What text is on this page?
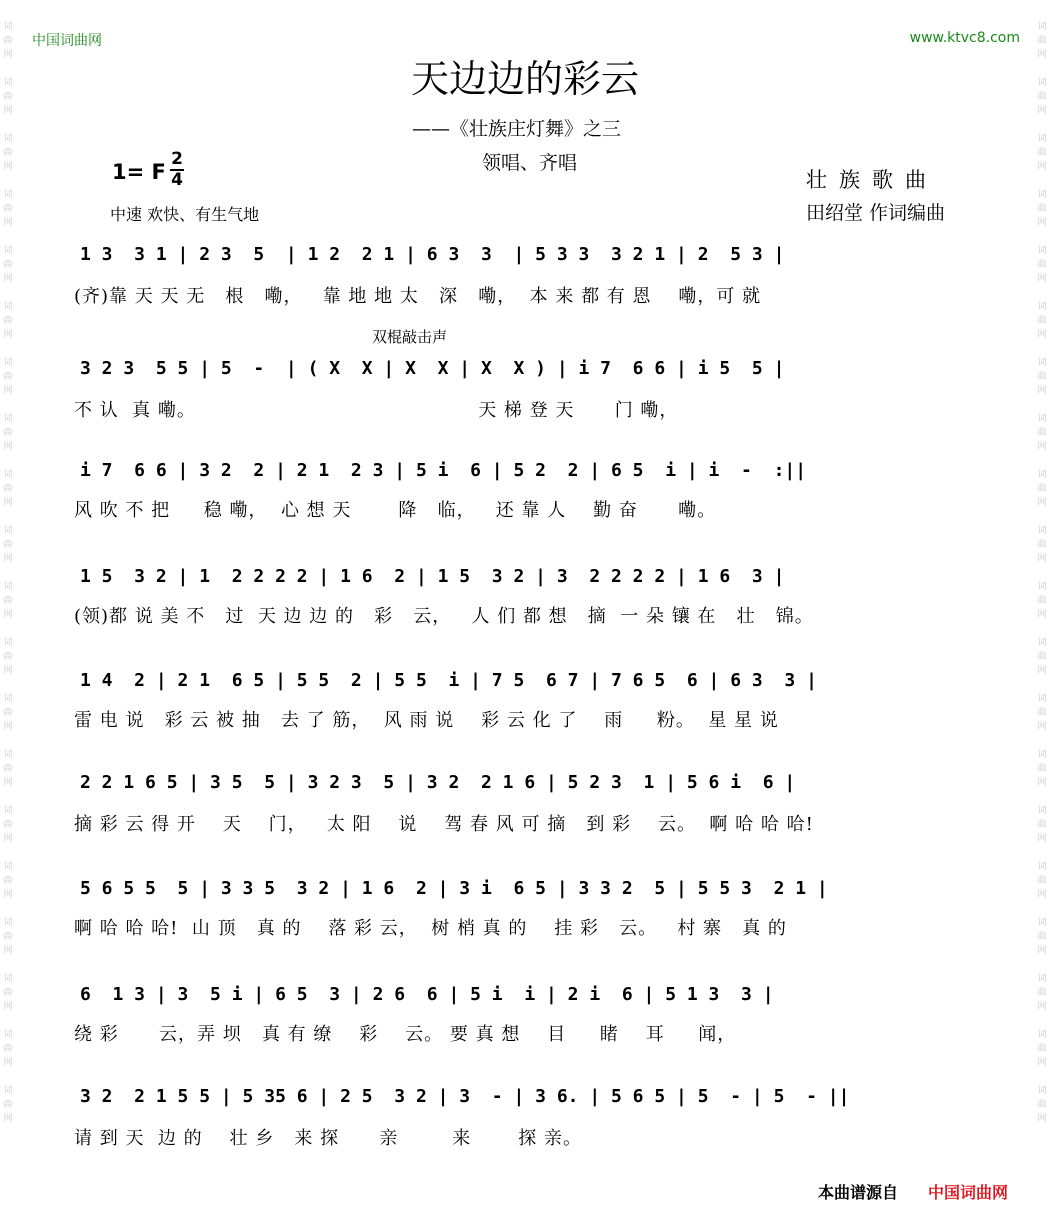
词
曲
网

词
曲
网

词
曲
网

词
曲
网

词
曲
网

词
曲
网

词
曲
网

词
曲
网

词
曲
网

词
曲
网

词
曲
网

词
曲
网

词
曲
网

词
曲
网

词
曲
网

词
曲
网

词
曲
网

词
曲
网

词
曲
网

词
曲
网
词
曲
网

词
曲
网

词
曲
网

词
曲
网

词
曲
网

词
曲
网

词
曲
网

词
曲
网

词
曲
网

词
曲
网

词
曲
网

词
曲
网

词
曲
网

词
曲
网

词
曲
网

词
曲
网

词
曲
网

词
曲
网

词
曲
网

词
曲
网
中国词曲网	www.ktvc8.com
天边边的彩云
——《壮族庄灯舞》之三
领唱、齐唱
1= F
2
4	壮族歌曲
田绍堂 作词编曲
中速 欢快、有生气地
双棍敲击声
1 3  3 1 | 2 3  5  | 1 2  2 1 | 6 3  3  | 5 3 3  3 2 1 | 2  5 3 |
(齐)靠 天 天 无   根   嘞，   靠 地 地 太   深   嘞，  本 来 都 有 恩    嘞，可 就
3 2 3  5 5 | 5  -  | ( X  X | X  X | X  X ) | i 7  6 6 | i 5  5 |
不 认  真 嘞。                                          天 梯 登 天      门 嘞，
i 7  6 6 | 3 2  2 | 2 1  2 3 | 5 i  6 | 5 2  2 | 6 5  i | i  -  :||
风 吹 不 把     稳 嘞，  心 想 天       降   临，   还 靠 人    勤 奋      嘞。
1 5  3 2 | 1  2 2 2 2 | 1 6  2 | 1 5  3 2 | 3  2 2 2 2 | 1 6  3 |
(领)都 说 美 不   过  天 边 边 的   彩   云，   人 们 都 想   摘  一 朵 镶 在   壮   锦。
1 4  2 | 2 1  6 5 | 5 5  2 | 5 5  i | 7 5  6 7 | 7 6 5  6 | 6 3  3 |
雷 电 说   彩 云 被 抽   去 了 筋，  风 雨 说    彩 云 化 了    雨     粉。  星 星 说
2 2 1 6 5 | 3 5  5 | 3 2 3  5 | 3 2  2 1 6 | 5 2 3  1 | 5 6 i  6 |
摘 彩 云 得 开    天    门，   太 阳    说    驾 春 风 可 摘   到 彩    云。  啊 哈 哈 哈!
5 6 5 5  5 | 3 3 5  3 2 | 1 6  2 | 3 i  6 5 | 3 3 2  5 | 5 5 3  2 1 |
啊 哈 哈 哈!  山 顶   真 的    落 彩 云，  树 梢 真 的    挂 彩   云。   村 寨   真 的
6  1 3 | 3  5 i | 6 5  3 | 2 6  6 | 5 i  i | 2 i  6 | 5 1 3  3 |
绕 彩      云，弄 坝   真 有 缭    彩    云。 要 真 想    目     睹    耳     闻，
3 2  2 1 5 5 | 5 35 6 | 2 5  3 2 | 3  - | 3 6. | 5 6 5 | 5  - | 5  - ||
请 到 天  边 的    壮 乡   来 探      亲        来       探 亲。
本曲谱源自 中国词曲网
